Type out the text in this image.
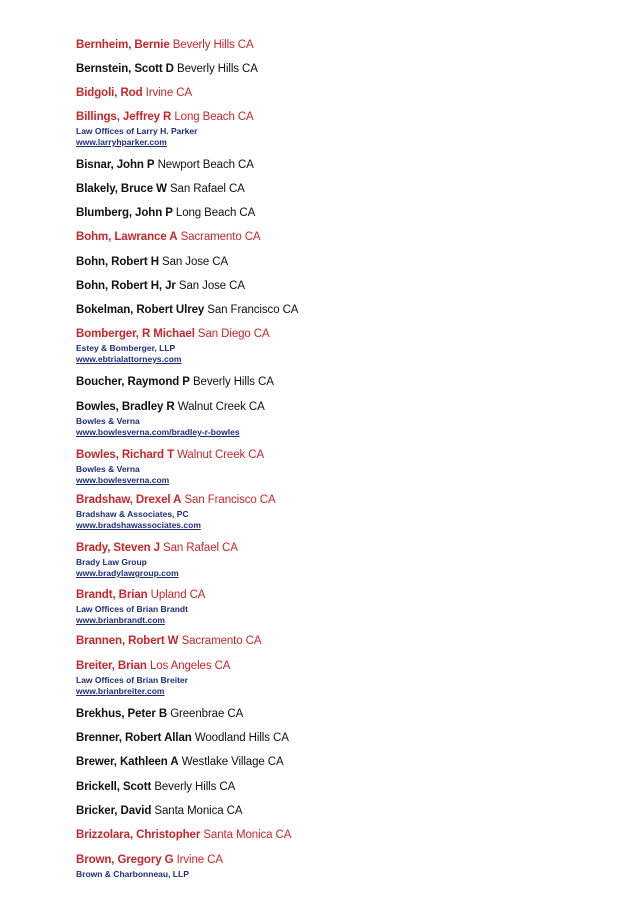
Bernheim, Bernie Beverly Hills CA
Bernstein, Scott D Beverly Hills CA
Bidgoli, Rod Irvine CA
Billings, Jeffrey R Long Beach CA
Law Offices of Larry H. Parker
www.larryhparker.com
Bisnar, John P Newport Beach CA
Blakely, Bruce W San Rafael CA
Blumberg, John P Long Beach CA
Bohm, Lawrance A Sacramento CA
Bohn, Robert H San Jose CA
Bohn, Robert H, Jr San Jose CA
Bokelman, Robert Ulrey San Francisco CA
Bomberger, R Michael San Diego CA
Estey & Bomberger, LLP
www.ebtrialattorneys.com
Boucher, Raymond P Beverly Hills CA
Bowles, Bradley R Walnut Creek CA
Bowles & Verna
www.bowlesverna.com/bradley-r-bowles
Bowles, Richard T Walnut Creek CA
Bowles & Verna
www.bowlesverna.com
Bradshaw, Drexel A San Francisco CA
Bradshaw & Associates, PC
www.bradshawassociates.com
Brady, Steven J San Rafael CA
Brady Law Group
www.bradylawgroup.com
Brandt, Brian Upland CA
Law Offices of Brian Brandt
www.brianbrandt.com
Brannen, Robert W Sacramento CA
Breiter, Brian Los Angeles CA
Law Offices of Brian Breiter
www.brianbreiter.com
Brekhus, Peter B Greenbrae CA
Brenner, Robert Allan Woodland Hills CA
Brewer, Kathleen A Westlake Village CA
Brickell, Scott Beverly Hills CA
Bricker, David Santa Monica CA
Brizzolara, Christopher Santa Monica CA
Brown, Gregory G Irvine CA
Brown & Charbonneau, LLP
